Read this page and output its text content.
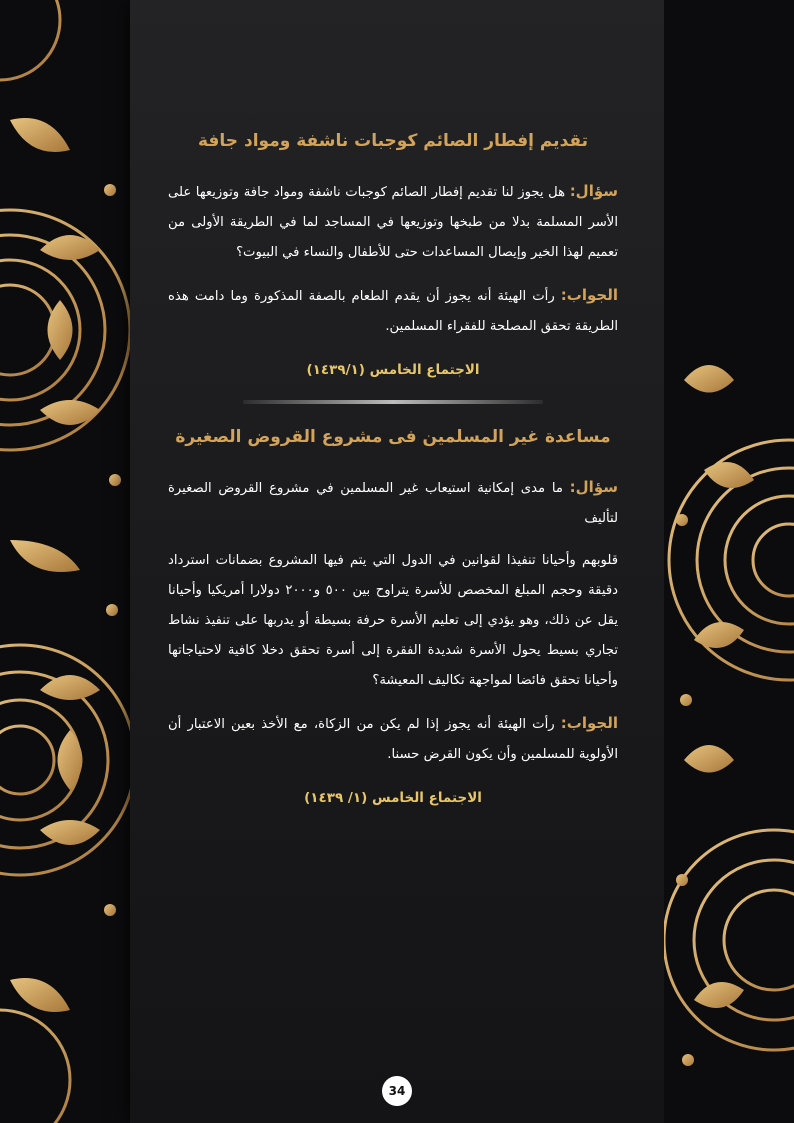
تقديم إفطار الصائم كوجبات ناشفة ومواد جافة

سؤال: هل يجوز لنا تقديم إفطار الصائم كوجبات ناشفة ومواد جافة وتوزيعها على الأسر المسلمة بدلا من طبخها وتوزيعها في المساجد لما في الطريقة الأولى من تعميم لهذا الخير وإيصال المساعدات حتى للأطفال والنساء في البيوت؟

الجواب: رأت الهيئة أنه يجوز أن يقدم الطعام بالصفة المذكورة وما دامت هذه الطريقة تحقق المصلحة للفقراء المسلمين.

الاجتماع الخامس (١٤٣٩/١)
مساعدة غير المسلمين فى مشروع القروض الصغيرة

سؤال: ما مدى إمكانية استيعاب غير المسلمين في مشروع القروض الصغيرة لتأليف

قلوبهم وأحيانا تنفيذا لقوانين في الدول التي يتم فيها المشروع بضمانات استرداد دقيقة وحجم المبلغ المخصص للأسرة يتراوح بين ٥٠٠ و٢٠٠٠ دولارا أمريكيا وأحيانا يقل عن ذلك، وهو يؤدي إلى تعليم الأسرة حرفة بسيطة أو يدربها على تنفيذ نشاط تجاري بسيط يحول الأسرة شديدة الفقرة إلى أسرة تحقق دخلا كافية لاحتياجاتها وأحيانا تحقق فائضا لمواجهة تكاليف المعيشة؟

الجواب: رأت الهيئة أنه يجوز إذا لم يكن من الزكاة، مع الأخذ بعين الاعتبار أن الأولوية للمسلمين وأن يكون القرض حسنا.

الاجتماع الخامس (١/ ١٤٣٩)
34
